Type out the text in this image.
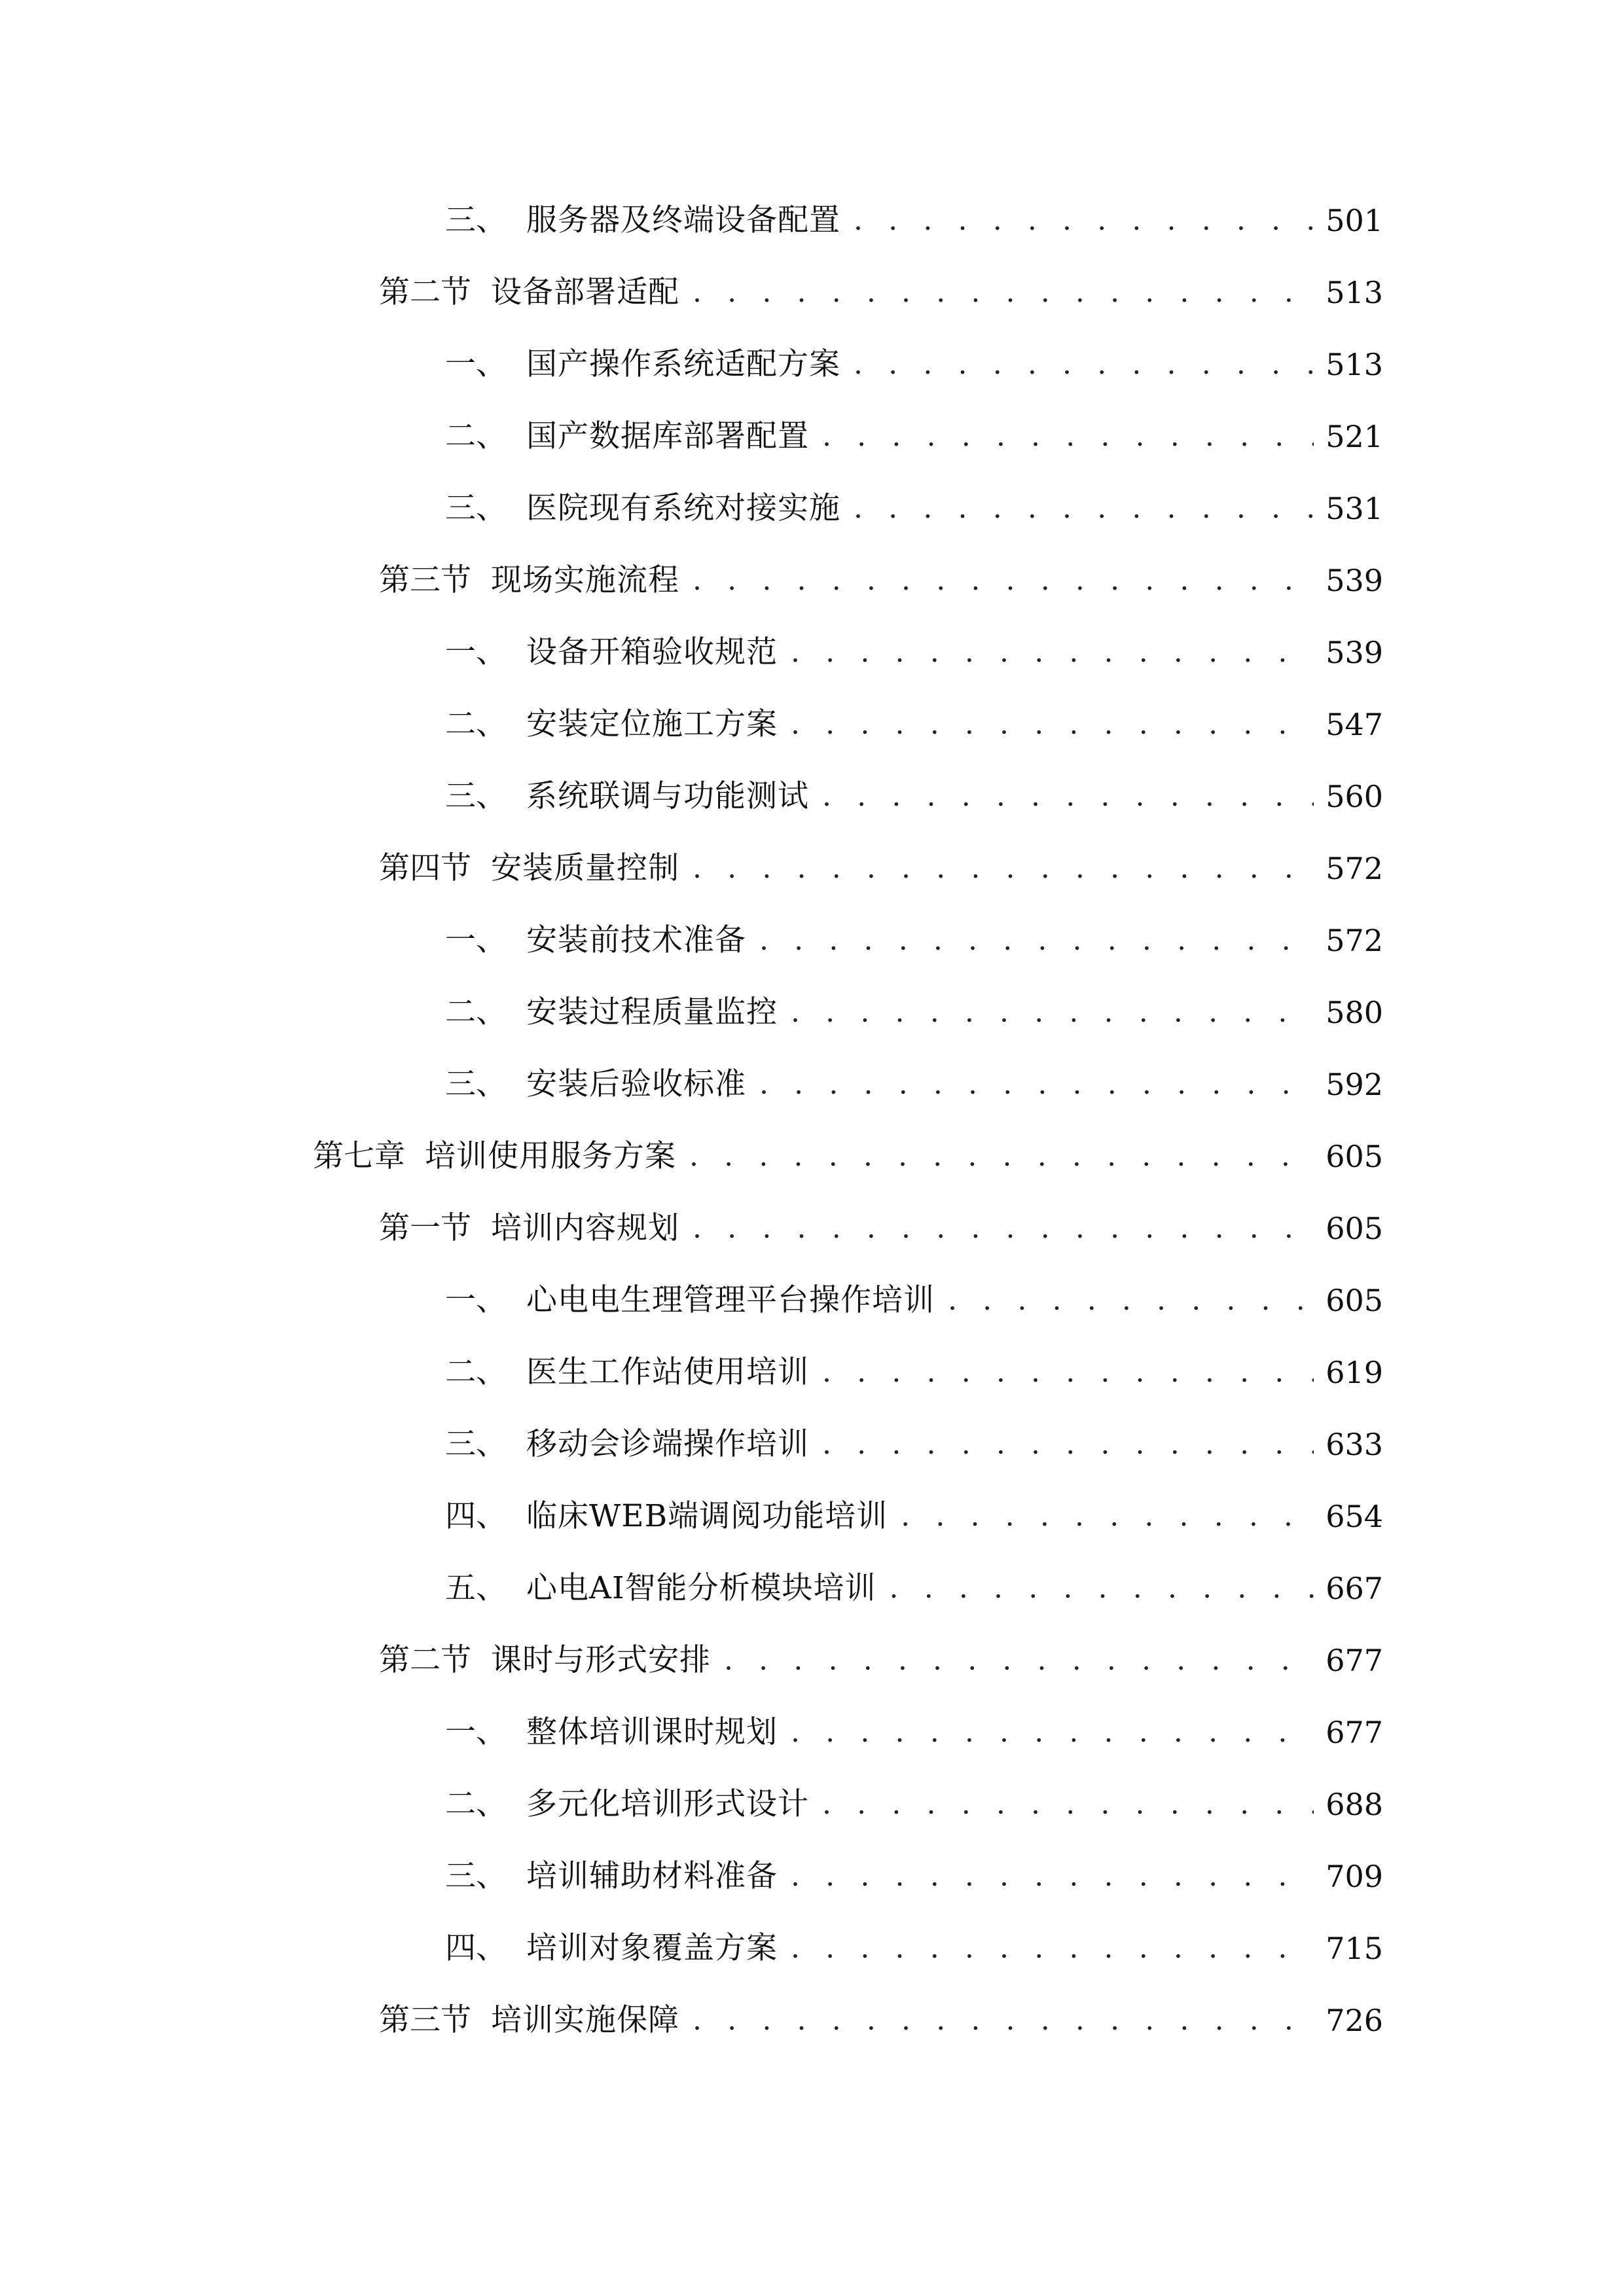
三、 服务器及终端设备配置 . . .	501
第二节 设备部署适配 . . .	513
一、 国产操作系统适配方案 . . .	513
二、 国产数据库部署配置 . . .	521
三、 医院现有系统对接实施 . . .	531
第三节 现场实施流程 . . .	539
一、 设备开箱验收规范 . . .	539
二、 安装定位施工方案 . . .	547
三、 系统联调与功能测试 . . .	560
第四节 安装质量控制 . . .	572
一、 安装前技术准备 . . .	572
二、 安装过程质量监控 . . .	580
三、 安装后验收标准 . . .	592
第七章 培训使用服务方案 . . .	605
第一节 培训内容规划 . . .	605
一、 心电电生理管理平台操作培训 . . .	605
二、 医生工作站使用培训 . . .	619
三、 移动会诊端操作培训 . . .	633
四、 临床WEB端调阅功能培训 . . .	654
五、 心电AI智能分析模块培训 . . .	667
第二节 课时与形式安排 . . .	677
一、 整体培训课时规划 . . .	677
二、 多元化培训形式设计 . . .	688
三、 培训辅助材料准备 . . .	709
四、 培训对象覆盖方案 . . .	715
第三节 培训实施保障 . . .	726
